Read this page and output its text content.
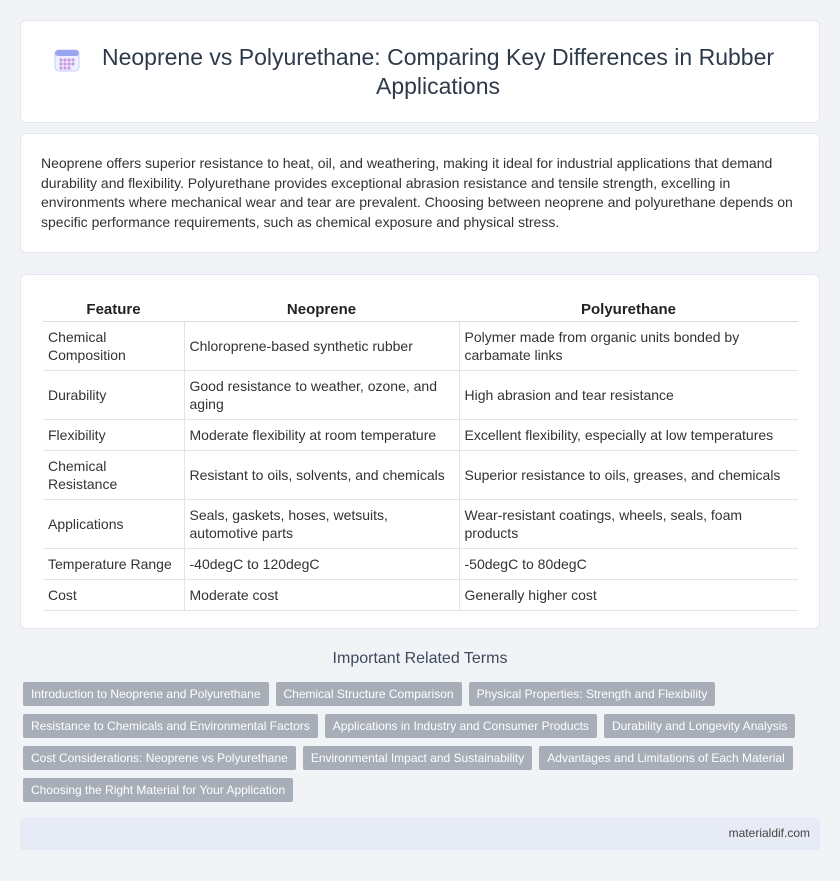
Neoprene vs Polyurethane: Comparing Key Differences in Rubber Applications

Neoprene offers superior resistance to heat, oil, and weathering, making it ideal for industrial applications that demand durability and flexibility. Polyurethane provides exceptional abrasion resistance and tensile strength, excelling in environments where mechanical wear and tear are prevalent. Choosing between neoprene and polyurethane depends on specific performance requirements, such as chemical exposure and physical stress.

Feature	Neoprene	Polyurethane
Chemical Composition	Chloroprene-based synthetic rubber	Polymer made from organic units bonded by carbamate links
Durability	Good resistance to weather, ozone, and aging	High abrasion and tear resistance
Flexibility	Moderate flexibility at room temperature	Excellent flexibility, especially at low temperatures
Chemical Resistance	Resistant to oils, solvents, and chemicals	Superior resistance to oils, greases, and chemicals
Applications	Seals, gaskets, hoses, wetsuits, automotive parts	Wear-resistant coatings, wheels, seals, foam products
Temperature Range	-40degC to 120degC	-50degC to 80degC
Cost	Moderate cost	Generally higher cost
Important Related Terms
Introduction to Neoprene and Polyurethane	Chemical Structure Comparison	Physical Properties: Strength and Flexibility
Resistance to Chemicals and Environmental Factors	Applications in Industry and Consumer Products	Durability and Longevity Analysis
Cost Considerations: Neoprene vs Polyurethane	Environmental Impact and Sustainability	Advantages and Limitations of Each Material
Choosing the Right Material for Your Application
materialdif.com
